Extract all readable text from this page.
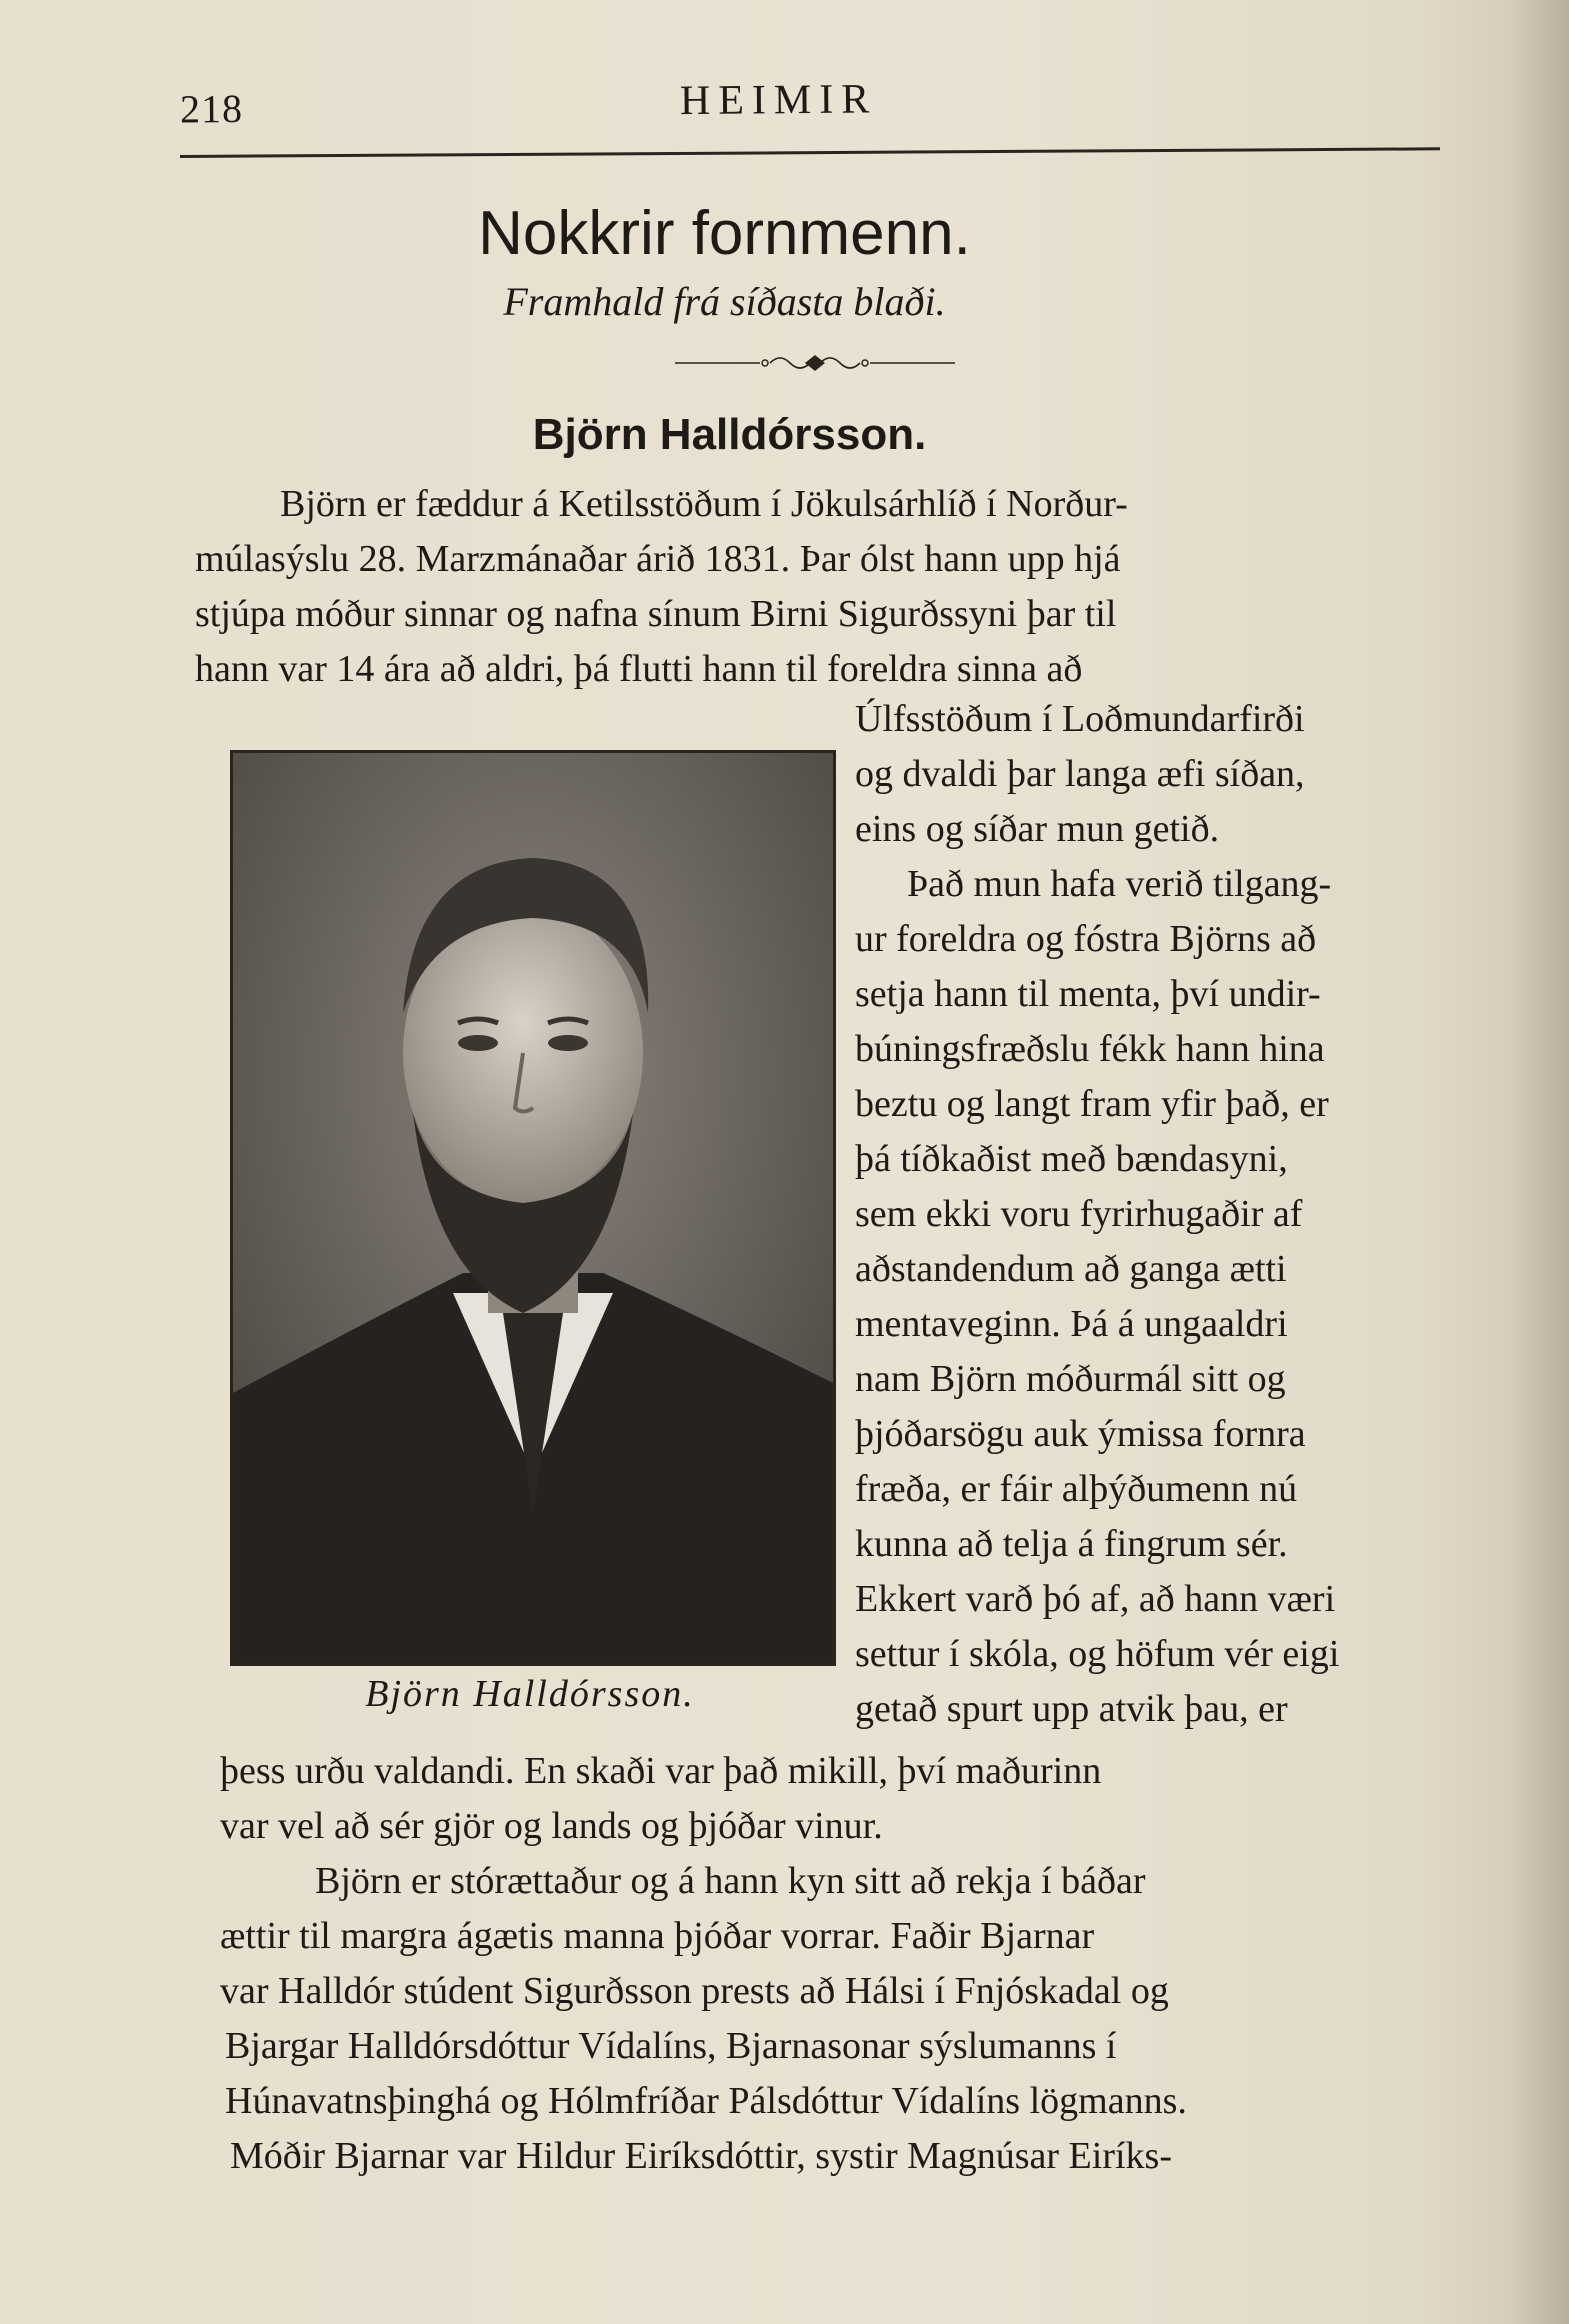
218	HEIMIR
Nokkrir fornmenn.
Framhald frá síðasta blaði.
Björn Halldórsson.
Björn er fæddur á Ketilsstöðum í Jökulsárhlíð í Norður-
múlasýslu 28. Marzmánaðar árið 1831. Þar ólst hann upp hjá
stjúpa móður sinnar og nafna sínum Birni Sigurðssyni þar til
hann var 14 ára að aldri, þá flutti hann til foreldra sinna að
Björn Halldórsson.
Úlfsstöðum í Loðmundarfirði
og dvaldi þar langa æfi síðan,
eins og síðar mun getið.
Það mun hafa verið tilgang-
ur foreldra og fóstra Björns að
setja hann til menta, því undir-
búningsfræðslu fékk hann hina
beztu og langt fram yfir það, er
þá tíðkaðist með bændasyni,
sem ekki voru fyrirhugaðir af
aðstandendum að ganga ætti
mentaveginn. Þá á ungaaldri
nam Björn móðurmál sitt og
þjóðarsögu auk ýmissa fornra
fræða, er fáir alþýðumenn nú
kunna að telja á fingrum sér.
Ekkert varð þó af, að hann væri
settur í skóla, og höfum vér eigi
getað spurt upp atvik þau, er
þess urðu valdandi. En skaði var það mikill, því maðurinn
var vel að sér gjör og lands og þjóðar vinur.
Björn er stórættaður og á hann kyn sitt að rekja í báðar
ættir til margra ágætis manna þjóðar vorrar. Faðir Bjarnar
var Halldór stúdent Sigurðsson prests að Hálsi í Fnjóskadal og
Bjargar Halldórsdóttur Vídalíns, Bjarnasonar sýslumanns í
Húnavatnsþinghá og Hólmfríðar Pálsdóttur Vídalíns lögmanns.
Móðir Bjarnar var Hildur Eiríksdóttir, systir Magnúsar Eiríks-
